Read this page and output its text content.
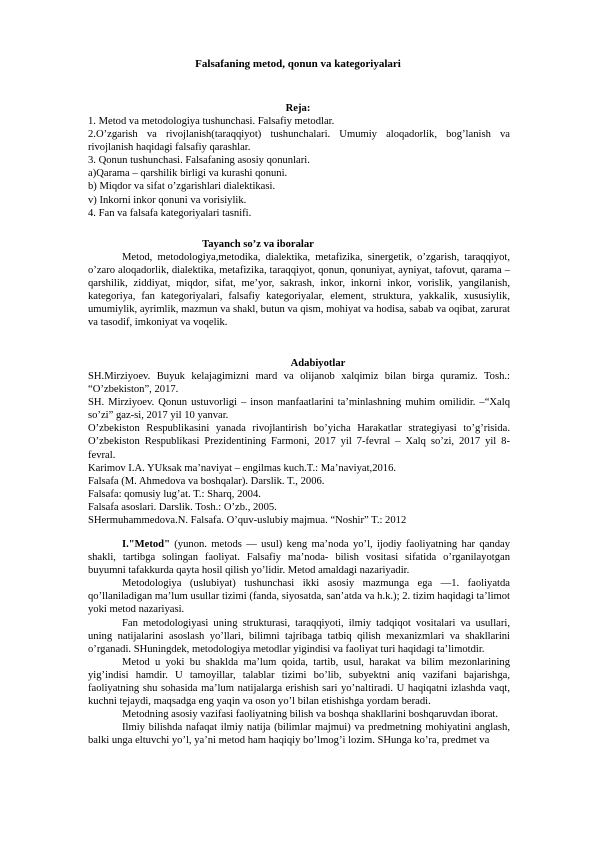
Falsafaning metod, qonun va kategoriyalari
Reja:
1. Metod va metodologiya tushunchasi. Falsafiy metodlar.
2.O’zgarish va rivojlanish(taraqqiyot) tushunchalari. Umumiy aloqadorlik, bog’lanish va rivojlanish haqidagi falsafiy qarashlar.
3. Qonun tushunchasi. Falsafaning asosiy qonunlari.
a)Qarama – qarshilik birligi va kurashi qonuni.
b) Miqdor va sifat o’zgarishlari dialektikasi.
v) Inkorni inkor qonuni va vorisiylik.
4. Fan va falsafa kategoriyalari tasnifi.
Tayanch so’z va iboralar

Metod, metodologiya,metodika, dialektika, metafizika, sinergetik, o’zgarish, taraqqiyot, o’zaro aloqadorlik, dialektika, metafizika, taraqqiyot, qonun, qonuniyat, ayniyat, tafovut, qarama – qarshilik, ziddiyat, miqdor, sifat, me’yor, sakrash, inkor, inkorni inkor, vorislik, yangilanish, kategoriya, fan kategoriyalari, falsafiy kategoriyalar, element, struktura, yakkalik, xususiylik, umumiylik, ayrimlik, mazmun va shakl, butun va qism, mohiyat va hodisa, sabab va oqibat, zarurat va tasodif, imkoniyat va voqelik.

Adabiyotlar
SH.Mirziyoev. Buyuk kelajagimizni mard va olijanob xalqimiz bilan birga quramiz. Tosh.: “O’zbekiston”, 2017.
SH. Mirziyoev. Qonun ustuvorligi – inson manfaatlarini ta’minlashning muhim omilidir. –“Xalq so’zi” gaz-si, 2017 yil 10 yanvar.
O’zbekiston Respublikasini yanada rivojlantirish bo’yicha Harakatlar strategiyasi to’g’risida. O’zbekiston Respublikasi Prezidentining Farmoni, 2017 yil 7-fevral – Xalq so’zi, 2017 yil 8-fevral.
Karimov I.A. YUksak ma’naviyat – engilmas kuch.T.: Ma’naviyat,2016.
Falsafa (M. Ahmedova va boshqalar). Darslik. T., 2006.
Falsafa: qomusiy lug’at. T.: Sharq, 2004.
Falsafa asoslari. Darslik. Tosh.: O’zb., 2005.
SHermuhammedova.N. Falsafa. O’quv-uslubiy majmua. “Noshir” T.: 2012

I."Metod" (yunon. metods — usul) keng ma’noda yo’l, ijodiy faoliyatning har qanday shakli, tartibga solingan faoliyat. Falsafiy ma’noda- bilish vositasi sifatida o’rganilayotgan buyumni tafakkurda qayta hosil qilish yo’lidir. Metod amaldagi nazariyadir.

Metodologiya (uslubiyat) tushunchasi ikki asosiy mazmunga ega —1. faoliyatda qo’llaniladigan ma’lum usullar tizimi (fanda, siyosatda, san’atda va h.k.); 2. tizim haqidagi ta’limot yoki metod nazariyasi.

Fan metodologiyasi uning strukturasi, taraqqiyoti, ilmiy tadqiqot vositalari va usullari, uning natijalarini asoslash yo’llari, bilimni tajribaga tatbiq qilish mexanizmlari va shakllarini o’rganadi. SHuningdek, metodologiya metodlar yigindisi va faoliyat turi haqidagi ta’limotdir.

Metod u yoki bu shaklda ma’lum qoida, tartib, usul, harakat va bilim mezonlarining yig’indisi hamdir. U tamoyillar, talablar tizimi bo’lib, subyektni aniq vazifani bajarishga, faoliyatning shu sohasida ma’lum natijalarga erishish sari yo’naltiradi. U haqiqatni izlashda vaqt, kuchni tejaydi, maqsadga eng yaqin va oson yo’l bilan etishishga yordam beradi.

Metodning asosiy vazifasi faoliyatning bilish va boshqa shakllarini boshqaruvdan iborat.

Ilmiy bilishda nafaqat ilmiy natija (bilimlar majmui) va predmetning mohiyatini anglash, balki unga eltuvchi yo’l, ya’ni metod ham haqiqiy bo’lmog’i lozim. SHunga ko’ra, predmet va
